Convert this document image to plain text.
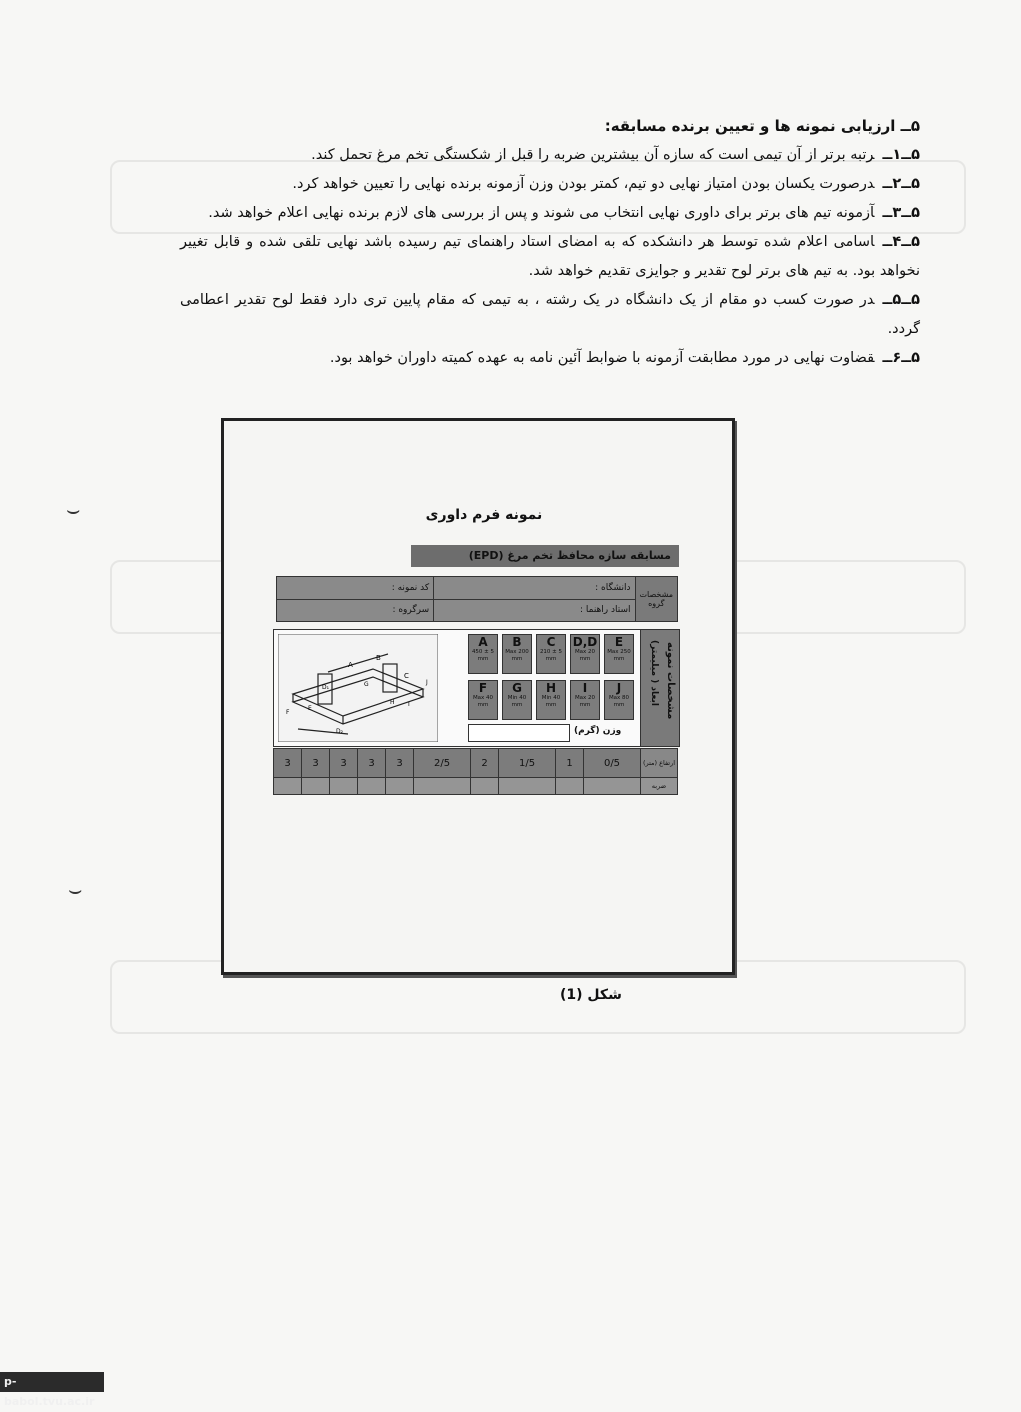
۵ــ ارزیابی نمونه ها و تعیین برنده مسابقه:

۵ــ۱ــرتبه برتر از آن تیمی است که سازه آن بیشترین ضربه را قبل از شکستگی تخم مرغ تحمل کند.

۵ــ۲ــدرصورت یکسان بودن امتیاز نهایی دو تیم، کمتر بودن وزن آزمونه برنده نهایی را تعیین خواهد کرد.

۵ــ۳ــآزمونه تیم های برتر برای داوری نهایی انتخاب می شوند و پس از بررسی های لازم برنده نهایی اعلام خواهد شد.

۵ــ۴ــاسامی اعلام شده توسط هر دانشکده که به امضای استاد راهنمای تیم رسیده باشد نهایی تلقی شده و قابل تغییر نخواهد بود. به تیم های برتر لوح تقدیر و جوایزی تقدیم خواهد شد.

۵ــ۵ــدر صورت کسب دو مقام از یک دانشگاه در یک رشته ، به تیمی که مقام پایین تری دارد فقط لوح تقدیر اعطامی گردد.

۵ــ۶ــقضاوت نهایی در مورد مطابقت آزمونه با ضوابط آئین نامه به عهده کمیته داوران خواهد بود.

نمونه فرم داوری
مسابقه سازه محافظ تخم مرغ (EPD)
مشخصات گروه	دانشگاه :	کد نمونه :
	استاد راهنما :	سرگروه :
مشخصات نمونه
ابعاد ( میلیمتر)
A
B
C
D₁
D₂
E
F
G
H I
J
E
Max 250 mm
D,D
Max 20 mm
C
210 ± 5 mm
B
Max 200 mm
A
450 ± 5 mm
J
Max 80 mm
I
Max 20 mm
H
Min 40 mm
G
Min 40 mm
F
Max 40 mm
وزن (گرم)
ارتفاع (متر)	0/5	1	1/5	2	2/5	3	3	3	3	3
ضربه										
شکل (1)
⌣
⌣
p-babol.tvu.ac.ir
